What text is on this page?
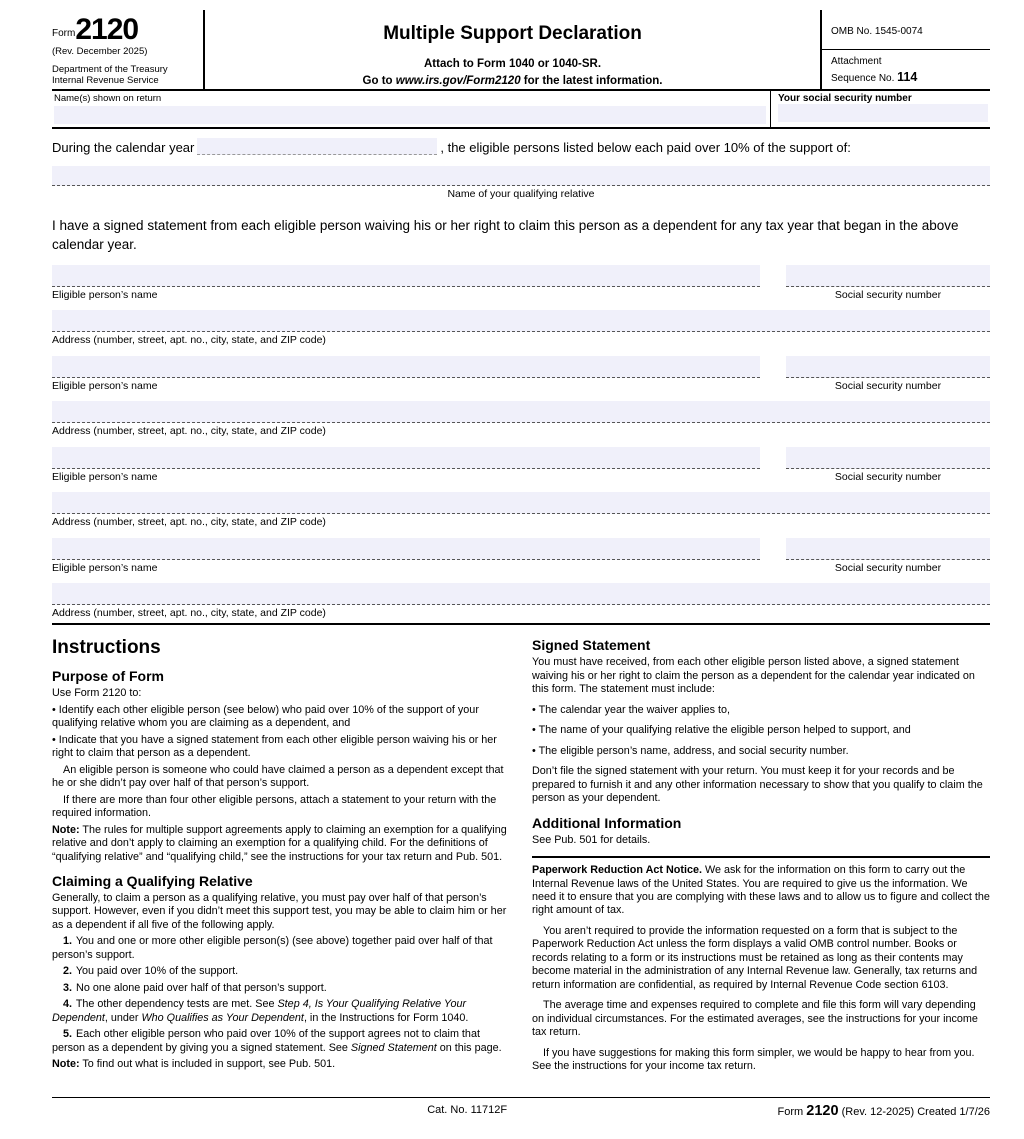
Form 2120
(Rev. December 2025)
Department of the Treasury
Internal Revenue Service
Multiple Support Declaration
Attach to Form 1040 or 1040-SR.
Go to www.irs.gov/Form2120 for the latest information.
OMB No. 1545-0074
Attachment
Sequence No. 114
Name(s) shown on return	Your social security number
During the calendar year	, the eligible persons listed below each paid over 10% of the support of:
Name of your qualifying relative
I have a signed statement from each eligible person waiving his or her right to claim this person as a dependent for any tax year that began in the above calendar year.
Eligible person’s name	Social security number
Address (number, street, apt. no., city, state, and ZIP code)
Eligible person’s name	Social security number
Address (number, street, apt. no., city, state, and ZIP code)
Eligible person’s name	Social security number
Address (number, street, apt. no., city, state, and ZIP code)
Eligible person’s name	Social security number
Address (number, street, apt. no., city, state, and ZIP code)
Instructions
Purpose of Form

Use Form 2120 to:

• Identify each other eligible person (see below) who paid over 10% of the support of your qualifying relative whom you are claiming as a dependent, and

• Indicate that you have a signed statement from each other eligible person waiving his or her right to claim that person as a dependent.

An eligible person is someone who could have claimed a person as a dependent except that he or she didn’t pay over half of that person’s support.

If there are more than four other eligible persons, attach a statement to your return with the required information.

Note: The rules for multiple support agreements apply to claiming an exemption for a qualifying relative and don’t apply to claiming an exemption for a qualifying child. For the definitions of “qualifying relative” and “qualifying child,” see the instructions for your tax return and Pub. 501.

Claiming a Qualifying Relative

Generally, to claim a person as a qualifying relative, you must pay over half of that person’s support. However, even if you didn’t meet this support test, you may be able to claim him or her as a dependent if all five of the following apply.

1. You and one or more other eligible person(s) (see above) together paid over half of that person’s support.

2. You paid over 10% of the support.

3. No one alone paid over half of that person’s support.

4. The other dependency tests are met. See Step 4, Is Your Qualifying Relative Your Dependent, under Who Qualifies as Your Dependent, in the Instructions for Form 1040.

5. Each other eligible person who paid over 10% of the support agrees not to claim that person as a dependent by giving you a signed statement. See Signed Statement on this page.

Note: To find out what is included in support, see Pub. 501.

Signed Statement

You must have received, from each other eligible person listed above, a signed statement waiving his or her right to claim the person as a dependent for the calendar year indicated on this form. The statement must include:

• The calendar year the waiver applies to,

• The name of your qualifying relative the eligible person helped to support, and

• The eligible person’s name, address, and social security number.

Don’t file the signed statement with your return. You must keep it for your records and be prepared to furnish it and any other information necessary to show that you qualify to claim the person as your dependent.

Additional Information

See Pub. 501 for details.

Paperwork Reduction Act Notice. We ask for the information on this form to carry out the Internal Revenue laws of the United States. You are required to give us the information. We need it to ensure that you are complying with these laws and to allow us to figure and collect the right amount of tax.

You aren’t required to provide the information requested on a form that is subject to the Paperwork Reduction Act unless the form displays a valid OMB control number. Books or records relating to a form or its instructions must be retained as long as their contents may become material in the administration of any Internal Revenue law. Generally, tax returns and return information are confidential, as required by Internal Revenue Code section 6103.

The average time and expenses required to complete and file this form will vary depending on individual circumstances. For the estimated averages, see the instructions for your income tax return.

If you have suggestions for making this form simpler, we would be happy to hear from you. See the instructions for your income tax return.

Cat. No. 11712F	Form 2120 (Rev. 12-2025) Created 1/7/26
